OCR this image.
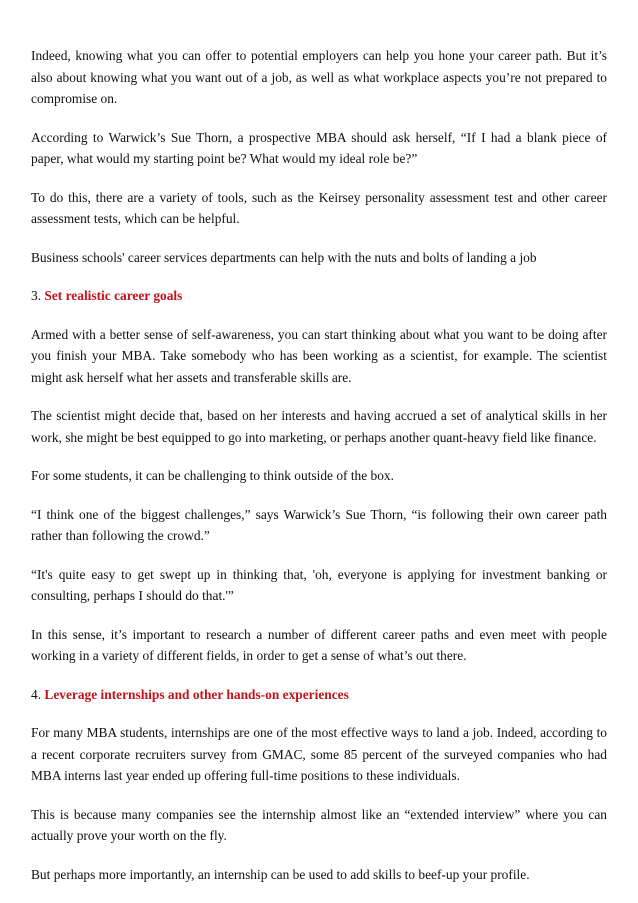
Indeed, knowing what you can offer to potential employers can help you hone your career path. But it’s also about knowing what you want out of a job, as well as what workplace aspects you’re not prepared to compromise on.

According to Warwick’s Sue Thorn, a prospective MBA should ask herself, “If I had a blank piece of paper, what would my starting point be? What would my ideal role be?”

To do this, there are a variety of tools, such as the Keirsey personality assessment test and other career assessment tests, which can be helpful.

Business schools' career services departments can help with the nuts and bolts of landing a job

3. Set realistic career goals

Armed with a better sense of self-awareness, you can start thinking about what you want to be doing after you finish your MBA. Take somebody who has been working as a scientist, for example. The scientist might ask herself what her assets and transferable skills are.

The scientist might decide that, based on her interests and having accrued a set of analytical skills in her work, she might be best equipped to go into marketing, or perhaps another quant-heavy field like finance.

For some students, it can be challenging to think outside of the box.

“I think one of the biggest challenges,” says Warwick’s Sue Thorn, “is following their own career path rather than following the crowd.”

“It's quite easy to get swept up in thinking that, 'oh, everyone is applying for investment banking or consulting, perhaps I should do that.'”

In this sense, it’s important to research a number of different career paths and even meet with people working in a variety of different fields, in order to get a sense of what’s out there.

4. Leverage internships and other hands-on experiences

For many MBA students, internships are one of the most effective ways to land a job. Indeed, according to a recent corporate recruiters survey from GMAC, some 85 percent of the surveyed companies who had MBA interns last year ended up offering full-time positions to these individuals.

This is because many companies see the internship almost like an “extended interview” where you can actually prove your worth on the fly.

But perhaps more importantly, an internship can be used to add skills to beef-up your profile.
